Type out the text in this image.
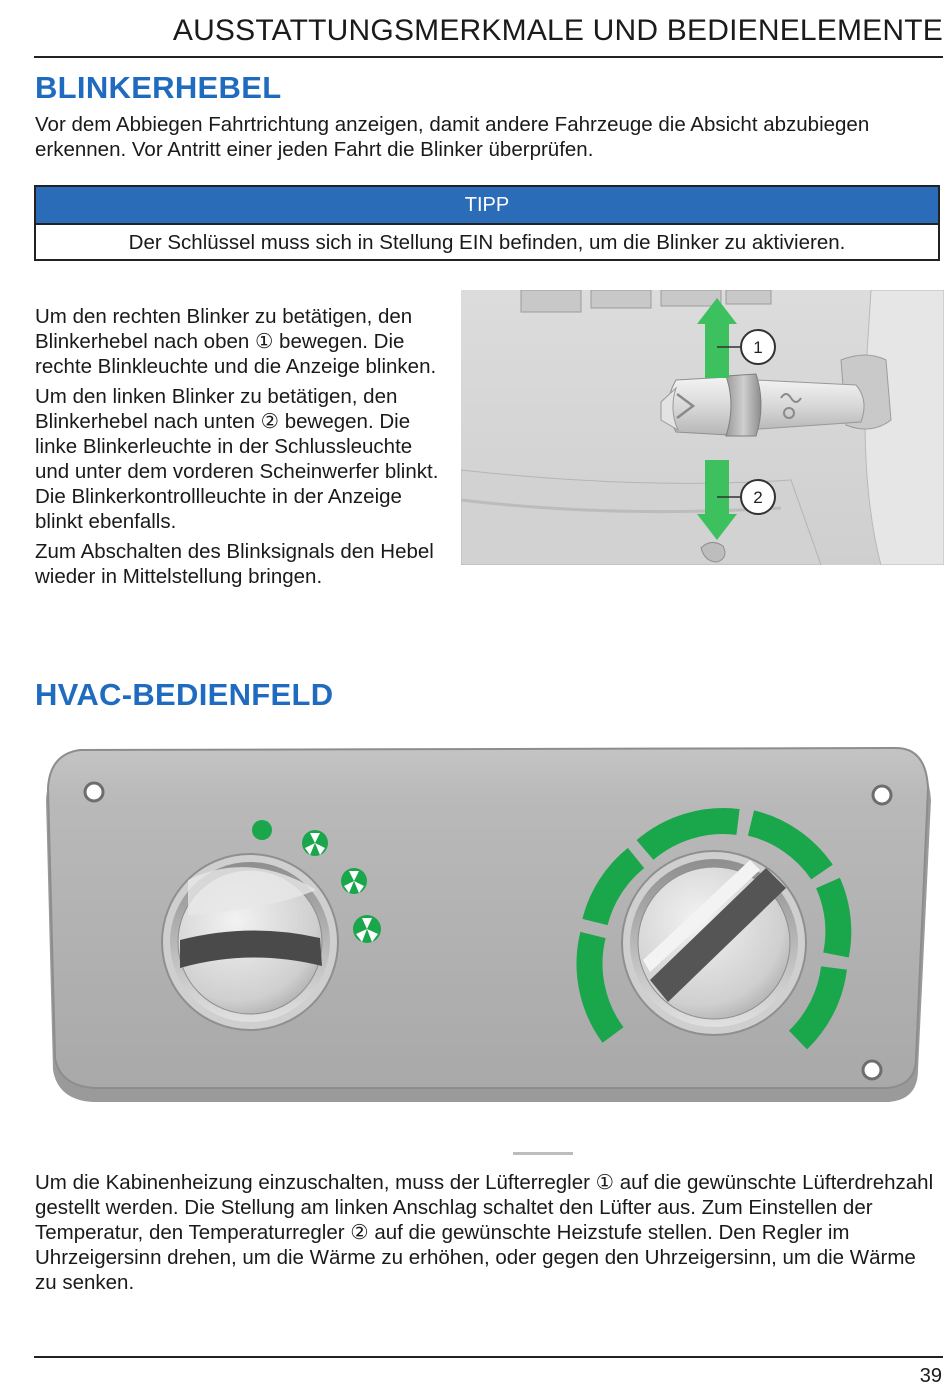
AUSSTATTUNGSMERKMALE UND BEDIENELEMENTE
BLINKERHEBEL

Vor dem Abbiegen Fahrtrichtung anzeigen, damit andere Fahrzeuge die Absicht abzubiegen erkennen. Vor Antritt einer jeden Fahrt die Blinker überprüfen.

TIPP
Der Schlüssel muss sich in Stellung EIN befinden, um die Blinker zu aktivieren.

Um den rechten Blinker zu betätigen, den Blinkerhebel nach oben ① bewegen. Die rechte Blinkleuchte und die Anzeige blinken.

Um den linken Blinker zu betätigen, den Blinkerhebel nach unten ② bewegen. Die linke Blinkerleuchte in der Schlussleuchte und unter dem vorderen Scheinwerfer blinkt. Die Blinkerkontrollleuchte in der Anzeige blinkt ebenfalls.

Zum Abschalten des Blinksignals den Hebel wieder in Mittelstellung bringen.

1
2
HVAC-BEDIENFELD

Um die Kabinenheizung einzuschalten, muss der Lüfterregler ① auf die gewünschte Lüfterdrehzahl gestellt werden. Die Stellung am linken Anschlag schaltet den Lüfter aus. Zum Einstellen der Temperatur, den Temperaturregler ② auf die gewünschte Heizstufe stellen. Den Regler im Uhrzeigersinn drehen, um die Wärme zu erhöhen, oder gegen den Uhrzeigersinn, um die Wärme zu senken.

39
